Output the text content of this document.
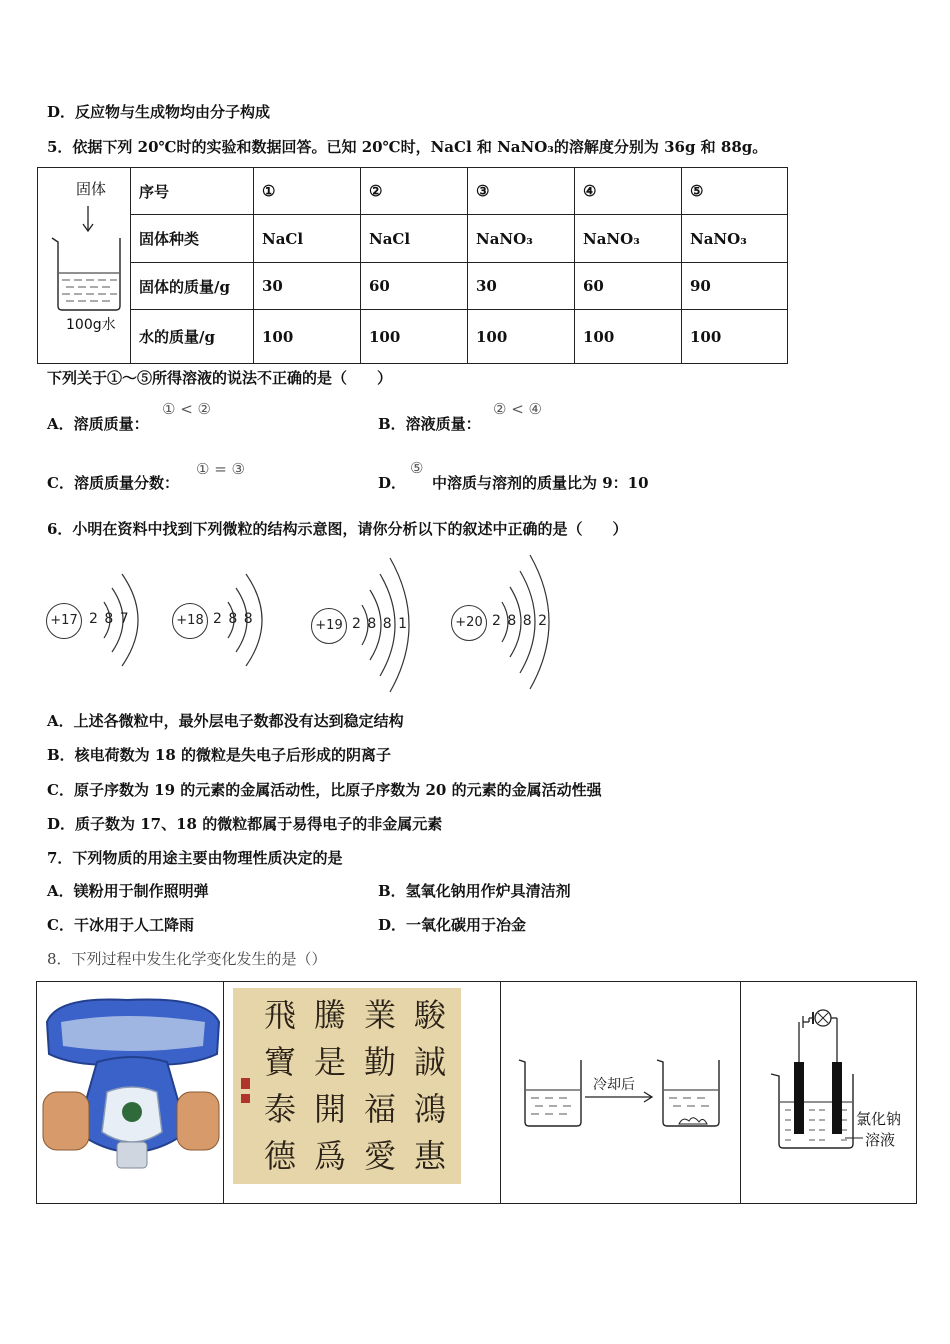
D．反应物与生成物均由分子构成
5．依据下列 20℃时的实验和数据回答。已知 20℃时，NaCl 和 NaNO₃的溶解度分别为 36g 和 88g。
固体
100g水	序号	①	②	③	④	⑤
	固体种类	NaCl	NaCl	NaNO₃	NaNO₃	NaNO₃
	固体的质量/g	30	60	30	60	90
	水的质量/g	100	100	100	100	100
下列关于①～⑤所得溶液的说法不正确的是（　　）
A．溶质质量：
① < ②
B．溶液质量：
② < ④
C．溶质质量分数：
① = ③
D．
⑤
中溶质与溶剂的质量比为 9：10
6．小明在资料中找到下列微粒的结构示意图，请你分析以下的叙述中正确的是（　　）
+17 2 8 7	+18 2 8 8	+19 2 8 8 1	+20 2 8 8 2
A．上述各微粒中，最外层电子数都没有达到稳定结构
B．核电荷数为 18 的微粒是失电子后形成的阴离子
C．原子序数为 19 的元素的金属活动性，比原子序数为 20 的元素的金属活动性强
D．质子数为 17、18 的微粒都属于易得电子的非金属元素
7．下列物质的用途主要由物理性质决定的是
A．镁粉用于制作照明弹	B．氢氧化钠用作炉具清洁剂
C．干冰用于人工降雨	D．一氧化碳用于冶金
8．下列过程中发生化学变化发生的是（）

駿
業
騰
飛
誠
勤
是
寶
鴻
福
開
泰
惠
愛
爲
德
冷却后
氯化钠
溶液
